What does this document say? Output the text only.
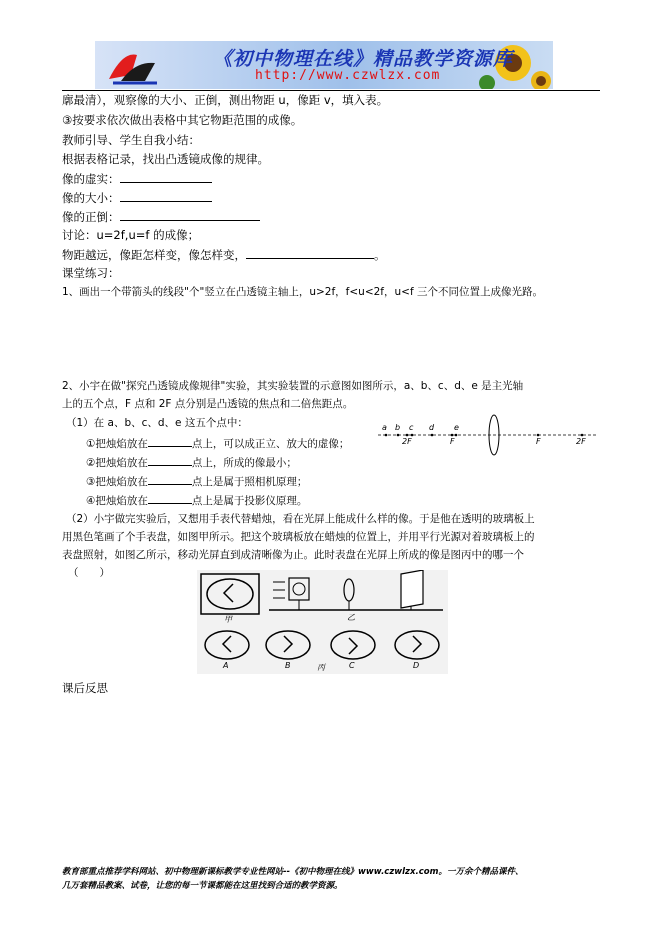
《初中物理在线》精品教学资源库
http://www.czwlzx.com
廓最清），观察像的大小、正倒，测出物距 u，像距 v，填入表。
③按要求依次做出表格中其它物距范围的成像。
教师引导、学生自我小结：
根据表格记录，找出凸透镜成像的规律。
像的虚实：
像的大小：
像的正倒：
讨论：u=2f,u=f 的成像；
物距越远，像距怎样变，像怎样变，	。
课堂练习：
1、画出一个带箭头的线段"个"竖立在凸透镜主轴上，u>2f，f<u<2f，u<f 三个不同位置上成像光路。
2、小宇在做"探究凸透镜成像规律"实验，其实验装置的示意图如图所示，a、b、c、d、e 是主光轴
上的五个点，F 点和 2F 点分别是凸透镜的焦点和二倍焦距点。
（1）在 a、b、c、d、e 这五个点中：
①把烛焰放在	点上，可以成正立、放大的虚像；
②把烛焰放在	点上，所成的像最小；
③把烛焰放在	点上是属于照相机原理；
④把烛焰放在	点上是属于投影仪原理。
a b c d e
2F	F	F	2F
（2）小宇做完实验后，又想用手表代替蜡烛，看在光屏上能成什么样的像。于是他在透明的玻璃板上
用黑色笔画了个手表盘，如图甲所示。把这个玻璃板放在蜡烛的位置上，并用平行光源对着玻璃板上的
表盘照射，如图乙所示，移动光屏直到成清晰像为止。此时表盘在光屏上所成的像是图丙中的哪一个
（　　）
甲	乙
丙
A	B	C	D
课后反思
教育部重点推荐学科网站、初中物理新课标教学专业性网站--《初中物理在线》www.czwlzx.com。一万余个精品课件、
几万套精品教案、试卷，让您的每一节课都能在这里找到合适的教学资源。
